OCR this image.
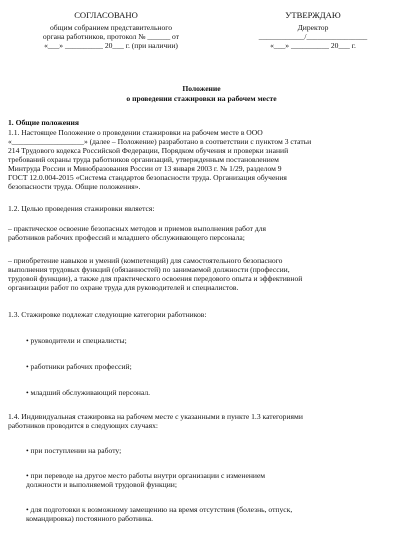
СОГЛАСОВАНО
общим собранием представительного
органа работников, протокол № ______ от
«___» __________ 20___ г. (при наличии)
УТВЕРЖДАЮ
Директор
____________/________________
«___» __________ 20___ г.
Положение
о проведении стажировки на рабочем месте
1. Общие положения
1.1. Настоящее Положение о проведении стажировки на рабочем месте в ООО
«___________________» (далее – Положение) разработано в соответствии с пунктом 3 статьи
214 Трудового кодекса Российской Федерации, Порядком обучения и проверки знаний
требований охраны труда работников организаций, утвержденным постановлением
Минтруда России и Минобразования России от 13 января 2003 г. № 1/29, разделом 9
ГОСТ 12.0.004-2015 «Система стандартов безопасности труда. Организация обучения
безопасности труда. Общие положения».
1.2. Целью проведения стажировки является:
– практическое освоение безопасных методов и приемов выполнения работ для
работников рабочих профессий и младшего обслуживающего персонала;
– приобретение навыков и умений (компетенций) для самостоятельного безопасного
выполнения трудовых функций (обязанностей) по занимаемой должности (профессии,
трудовой функции), а также для практического освоения передового опыта и эффективной
организации работ по охране труда для руководителей и специалистов.
1.3. Стажировке подлежат следующие категории работников:
• руководители и специалисты;
• работники рабочих профессий;
• младший обслуживающий персонал.
1.4. Индивидуальная стажировка на рабочем месте с указанными в пункте 1.3 категориями
работников проводится в следующих случаях:
• при поступлении на работу;
• при переводе на другое место работы внутри организации с изменением
должности и выполняемой трудовой функции;
• для подготовки к возможному замещению на время отсутствия (болезнь, отпуск,
командировка) постоянного работника.
